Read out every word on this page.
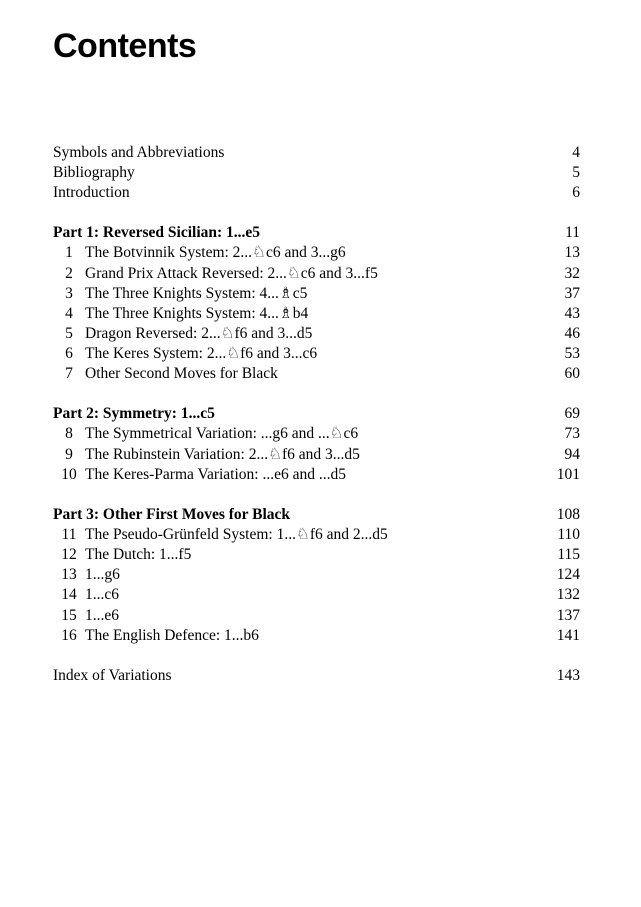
Contents
Symbols and Abbreviations	4
Bibliography	5
Introduction	6
Part 1: Reversed Sicilian: 1...e5	11
1 The Botvinnik System: 2...♘c6 and 3...g6	13
2 Grand Prix Attack Reversed: 2...♘c6 and 3...f5	32
3 The Three Knights System: 4...♗c5	37
4 The Three Knights System: 4...♗b4	43
5 Dragon Reversed: 2...♘f6 and 3...d5	46
6 The Keres System: 2...♘f6 and 3...c6	53
7 Other Second Moves for Black	60
Part 2: Symmetry: 1...c5	69
8 The Symmetrical Variation: ...g6 and ...♘c6	73
9 The Rubinstein Variation: 2...♘f6 and 3...d5	94
10 The Keres-Parma Variation: ...e6 and ...d5	101
Part 3: Other First Moves for Black	108
11 The Pseudo-Grünfeld System: 1...♘f6 and 2...d5	110
12 The Dutch: 1...f5	115
13 1...g6	124
14 1...c6	132
15 1...e6	137
16 The English Defence: 1...b6	141
Index of Variations	143
